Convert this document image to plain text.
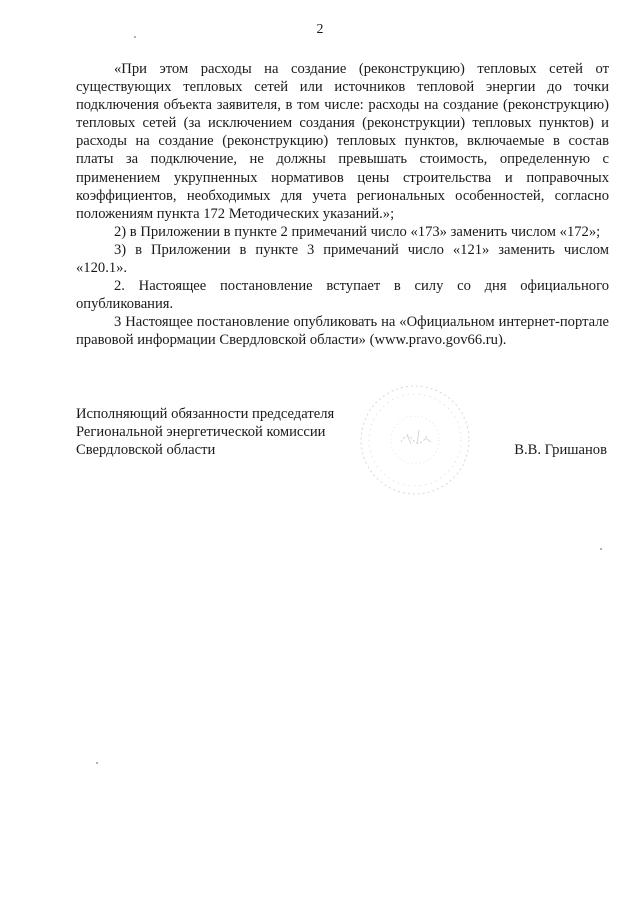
2

«При этом расходы на создание (реконструкцию) тепловых сетей от существующих тепловых сетей или источников тепловой энергии до точки подключения объекта заявителя, в том числе: расходы на создание (реконструкцию) тепловых сетей (за исключением создания (реконструкции) тепловых пунктов) и расходы на создание (реконструкцию) тепловых пунктов, включаемые в состав платы за подключение, не должны превышать стоимость, определенную с применением укрупненных нормативов цены строительства и поправочных коэффициентов, необходимых для учета региональных особенностей, согласно положениям пункта 172 Методических указаний.»;

2) в Приложении в пункте 2 примечаний число «173» заменить числом «172»;

3) в Приложении в пункте 3 примечаний число «121» заменить числом «120.1».

2. Настоящее постановление вступает в силу со дня официального опубликования.

3 Настоящее постановление опубликовать на «Официальном интернет-портале правовой информации Свердловской области» (www.pravo.gov66.ru).

Исполняющий обязанности председателя
Региональной энергетической комиссии
Свердловской области	В.В. Гришанов
